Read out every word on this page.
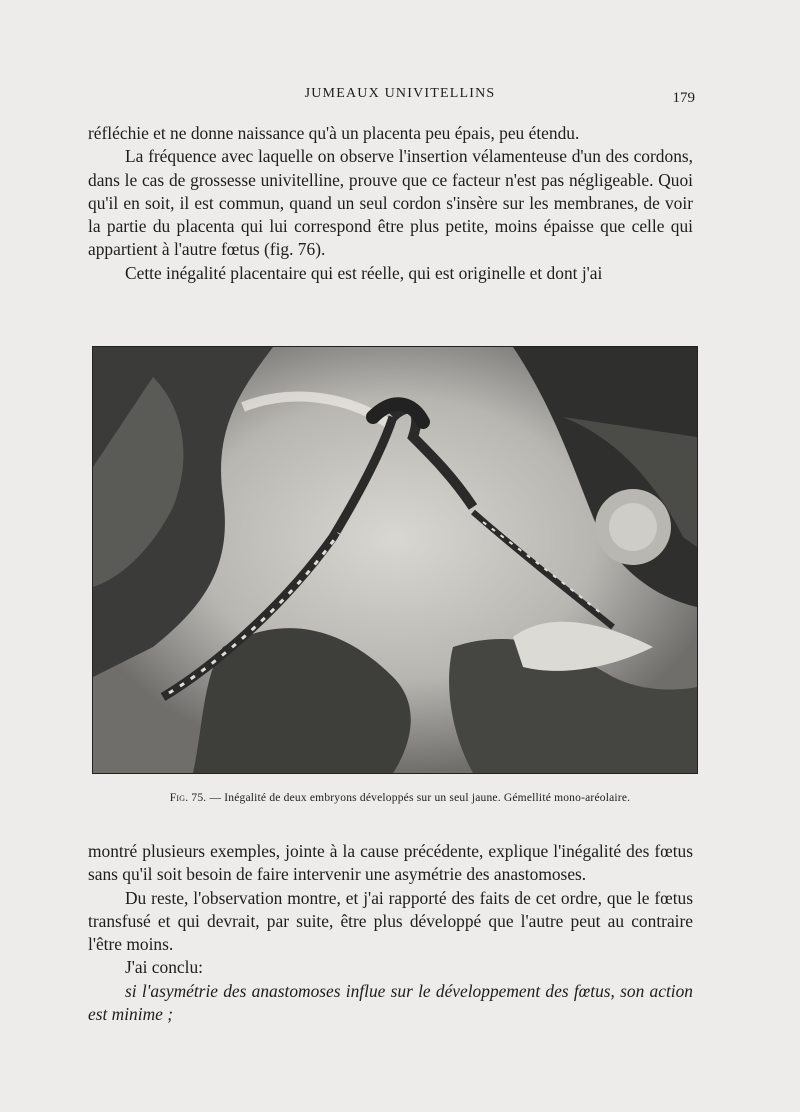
JUMEAUX UNIVITELLINS	179

réfléchie et ne donne naissance qu'à un placenta peu épais, peu étendu.

La fréquence avec laquelle on observe l'insertion vélamenteuse d'un des cordons, dans le cas de grossesse univitelline, prouve que ce facteur n'est pas négligeable. Quoi qu'il en soit, il est commun, quand un seul cordon s'insère sur les membranes, de voir la partie du placenta qui lui correspond être plus petite, moins épaisse que celle qui appartient à l'autre fœtus (fig. 76).

Cette inégalité placentaire qui est réelle, qui est originelle et dont j'ai

Fig. 75. — Inégalité de deux embryons développés sur un seul jaune. Gémellité mono-aréolaire.

montré plusieurs exemples, jointe à la cause précédente, explique l'inégalité des fœtus sans qu'il soit besoin de faire intervenir une asymétrie des anastomoses.

Du reste, l'observation montre, et j'ai rapporté des faits de cet ordre, que le fœtus transfusé et qui devrait, par suite, être plus développé que l'autre peut au contraire l'être moins.

J'ai conclu:

si l'asymétrie des anastomoses influe sur le développement des fœtus, son action est minime ;
